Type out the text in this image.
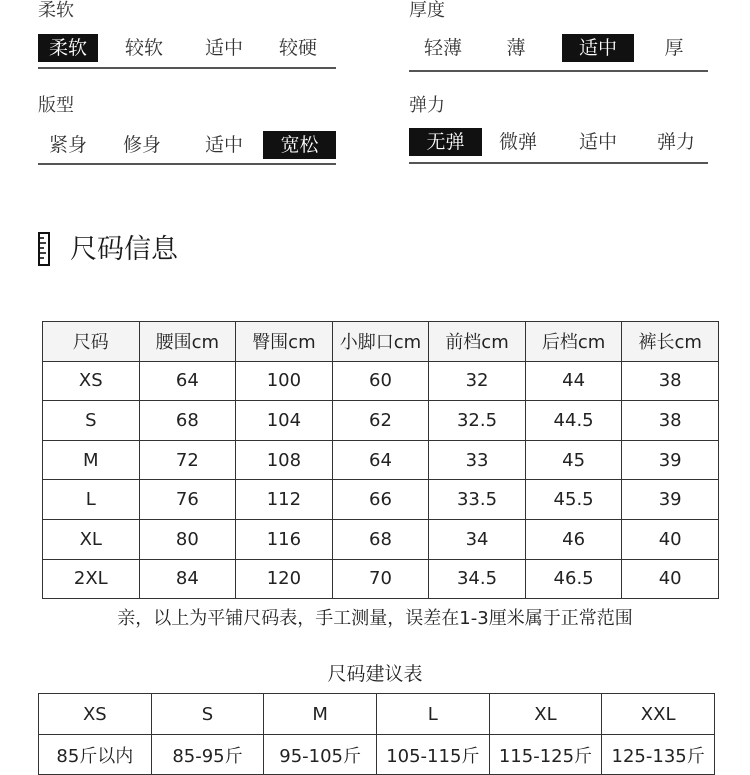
柔软
柔软	较软	适中	较硬
厚度
轻薄	薄	适中	厚
版型
紧身	修身	适中	宽松
弹力
无弹	微弹	适中	弹力
尺码信息
尺码	腰围cm	臀围cm	小脚口cm	前档cm	后档cm	裤长cm
XS	64	100	60	32	44	38
S	68	104	62	32.5	44.5	38
M	72	108	64	33	45	39
L	76	112	66	33.5	45.5	39
XL	80	116	68	34	46	40
2XL	84	120	70	34.5	46.5	40
亲，以上为平铺尺码表，手工测量，误差在1-3厘米属于正常范围
尺码建议表
XS	S	M	L	XL	XXL
85斤以内	85-95斤	95-105斤	105-115斤	115-125斤	125-135斤
